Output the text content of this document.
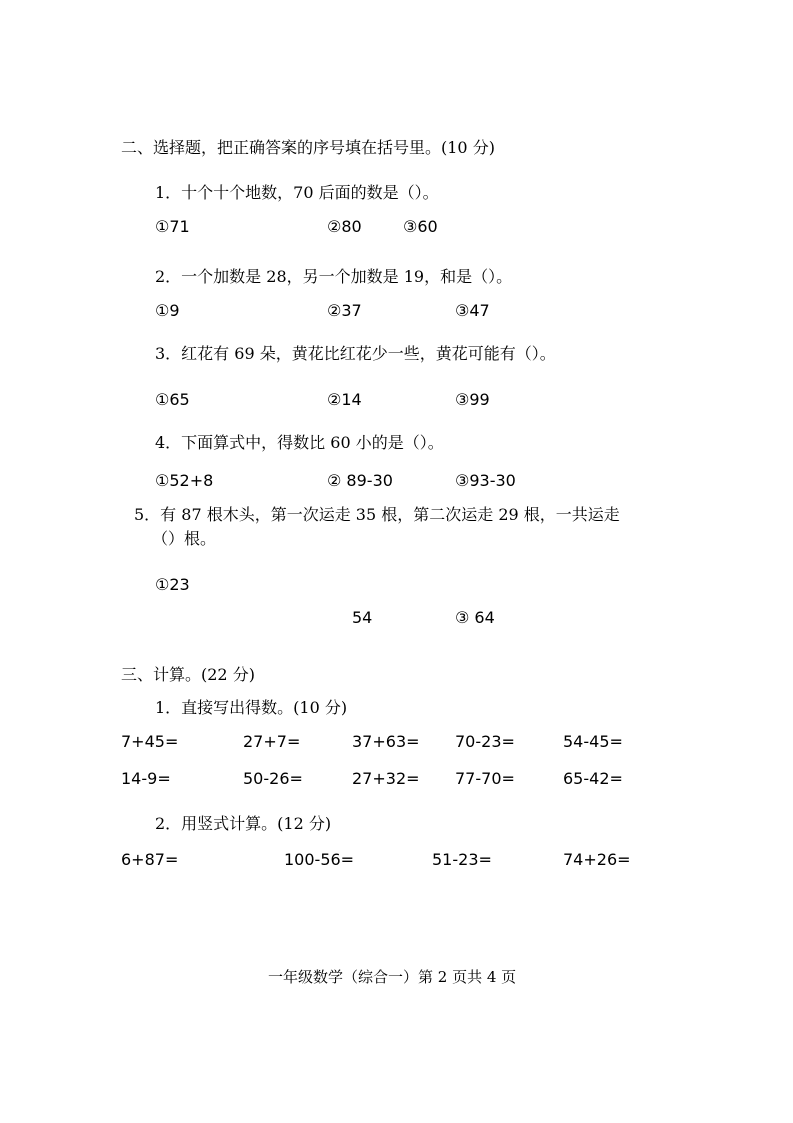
二、选择题，把正确答案的序号填在括号里。(10 分)
1．十个十个地数，70 后面的数是（）。
①71	②80	③60
2．一个加数是 28，另一个加数是 19，和是（）。
①9	②37	③47
3．红花有 69 朵，黄花比红花少一些，黄花可能有（）。
①65	②14	③99
4．下面算式中，得数比 60 小的是（）。
①52+8	② 89-30	③93-30
5．有 87 根木头，第一次运走 35 根，第二次运走 29 根，一共运走
（）根。
①23
54	③ 64
三、计算。(22 分)
1．直接写出得数。(10 分)
7+45=	27+7=	37+63= 70-23=	54-45=
14-9=	50-26=	27+32= 77-70=	65-42=
2．用竖式计算。(12 分)
6+87=	100-56=	51-23=	74+26=
一年级数学（综合一）第 2 页共 4 页
